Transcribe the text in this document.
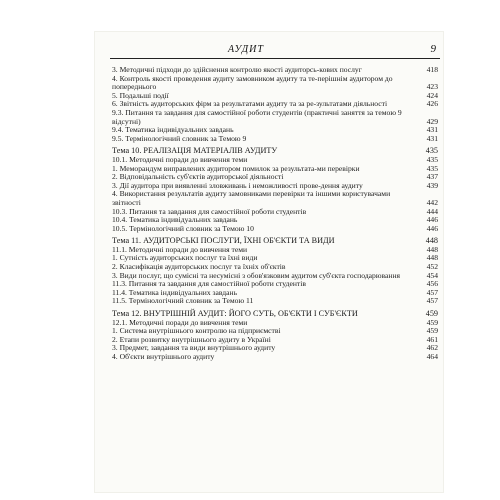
АУДИТ	9
3. Методичні підходи до здійснення контролю якості аудиторсь-кових послуг	418
4. Контроль якості проведення аудиту замовником аудиту та те-перішнім аудитором до попереднього	423
5. Подальші події	424
6. Звітність аудиторських фірм за результатами аудиту та за ре-зультатами діяльності	426
9.3. Питання та завдання для самостійної роботи студентів (практичні заняття за темою 9 відсутні)	429
9.4. Тематика індивідуальних завдань	431
9.5. Термінологічний словник за Темою 9	431
Тема 10. РЕАЛІЗАЦІЯ МАТЕРІАЛІВ АУДИТУ	435
10.1. Методичні поради до вивчення теми	435
1. Меморандум виправлених аудитором помилок за результата-ми перевірки	435
2. Відповідальність суб'єктів аудиторської діяльності	437
3. Дії аудитора при виявленні зловживань і неможливості прове-дення аудиту	439
4. Використання результатів аудиту замовниками перевірки та іншими користувачами звітності	442
10.3. Питання та завдання для самостійної роботи студентів	444
10.4. Тематика індивідуальних завдань	446
10.5. Термінологічний словник за Темою 10	446
Тема 11. АУДИТОРСЬКІ ПОСЛУГИ, ЇХНІ ОБ'ЄКТИ ТА ВИДИ	448
11.1. Методичні поради до вивчення теми	448
1. Сутність аудиторських послуг та їхні види	448
2. Класифікація аудиторських послуг та їхніх об'єктів	452
3. Види послуг, що сумісні та несумісні з обов'язковим аудитом суб'єкта господарювання	454
11.3. Питання та завдання для самостійної роботи студентів	456
11.4. Тематика індивідуальних завдань	457
11.5. Термінологічний словник за Темою 11	457
Тема 12. ВНУТРІШНІЙ АУДИТ: ЙОГО СУТЬ, ОБ'ЄКТИ І СУБ'ЄКТИ	459
12.1. Методичні поради до вивчення теми	459
1. Система внутрішнього контролю на підприємстві	459
2. Етапи розвитку внутрішнього аудиту в Україні	461
3. Предмет, завдання та види внутрішнього аудиту	462
4. Об'єкти внутрішнього аудиту	464
